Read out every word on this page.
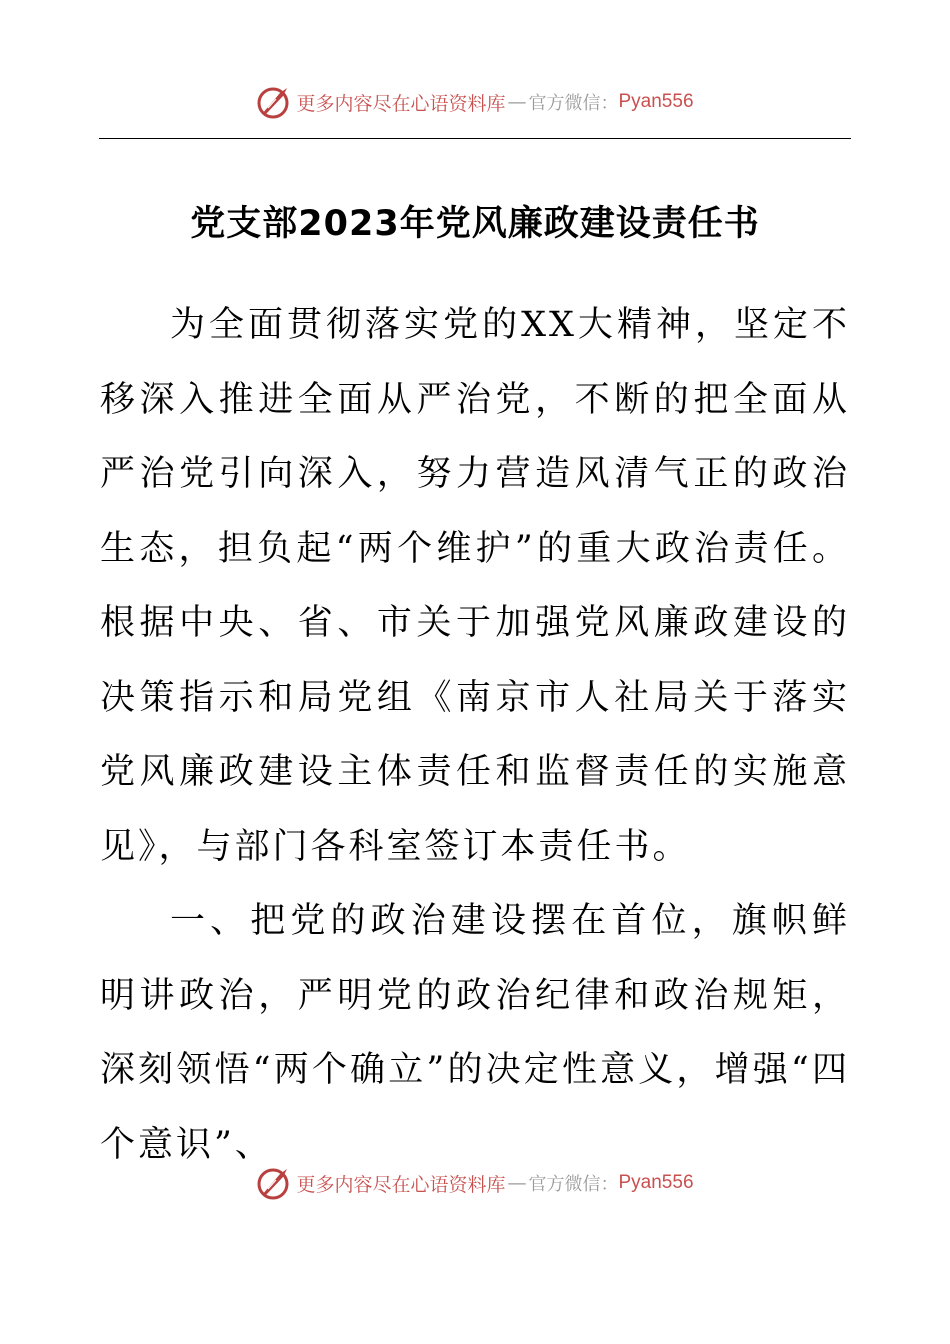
更多内容尽在心语资料库 — 官方微信： Pyan556
党支部2023年党风廉政建设责任书

为全面贯彻落实党的XX大精神，坚定不移深入推进全面从严治党，不断的把全面从严治党引向深入，努力营造风清气正的政治生态，担负起“两个维护”的重大政治责任。根据中央、省、市关于加强党风廉政建设的决策指示和局党组《南京市人社局关于落实党风廉政建设主体责任和监督责任的实施意见》，与部门各科室签订本责任书。

一、把党的政治建设摆在首位，旗帜鲜明讲政治，严明党的政治纪律和政治规矩，深刻领悟“两个确立”的决定性意义，增强“四个意识”、

更多内容尽在心语资料库 — 官方微信： Pyan556
